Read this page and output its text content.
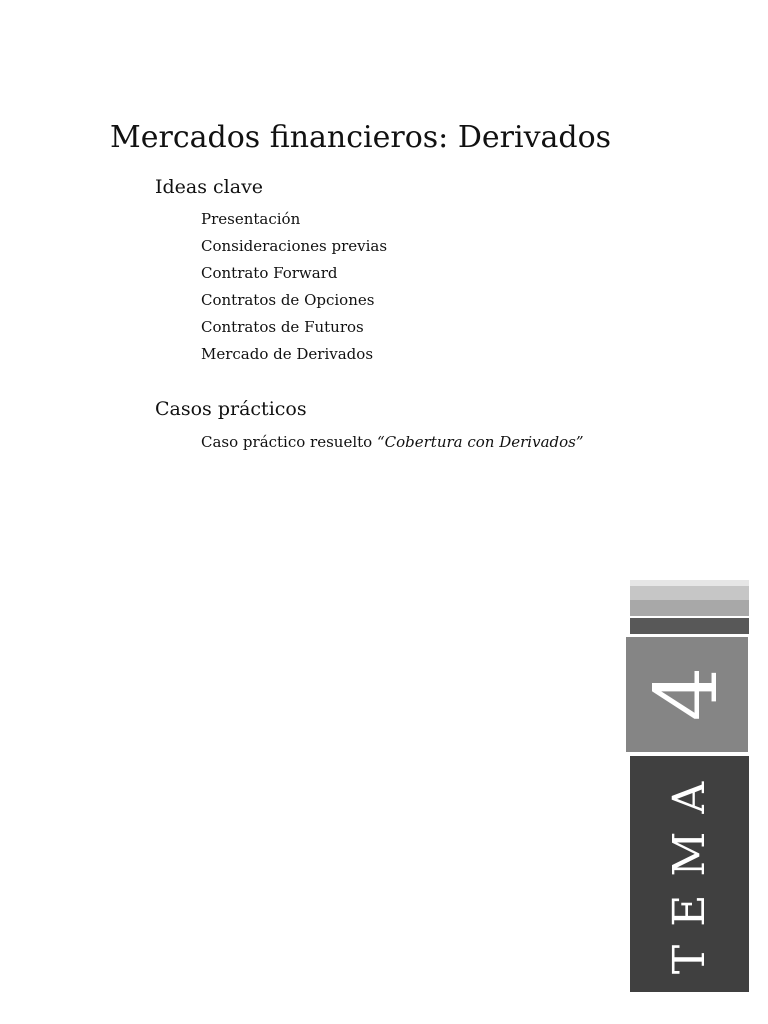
Mercados financieros: Derivados
Ideas clave
Presentación
Consideraciones previas
Contrato Forward
Contratos de Opciones
Contratos de Futuros
Mercado de Derivados
Casos prácticos
Caso práctico resuelto “Cobertura con Derivados”
4
TEMA
